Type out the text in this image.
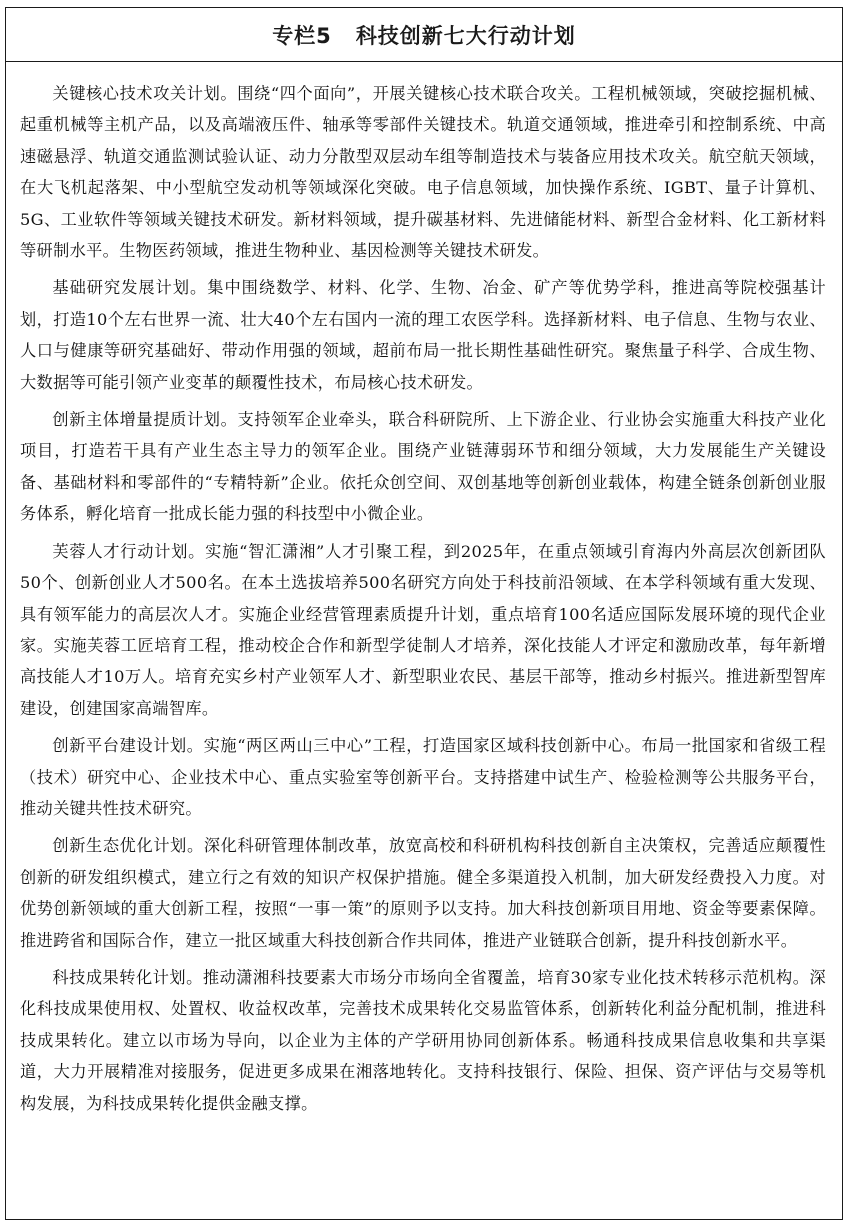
专栏5 科技创新七大行动计划

关键核心技术攻关计划。围绕“四个面向”，开展关键核心技术联合攻关。工程机械领域，突破挖掘机械、起重机械等主机产品，以及高端液压件、轴承等零部件关键技术。轨道交通领域，推进牵引和控制系统、中高速磁悬浮、轨道交通监测试验认证、动力分散型双层动车组等制造技术与装备应用技术攻关。航空航天领域，在大飞机起落架、中小型航空发动机等领域深化突破。电子信息领域，加快操作系统、IGBT、量子计算机、5G、工业软件等领域关键技术研发。新材料领域，提升碳基材料、先进储能材料、新型合金材料、化工新材料等研制水平。生物医药领域，推进生物种业、基因检测等关键技术研发。

基础研究发展计划。集中围绕数学、材料、化学、生物、冶金、矿产等优势学科，推进高等院校强基计划，打造10个左右世界一流、壮大40个左右国内一流的理工农医学科。选择新材料、电子信息、生物与农业、人口与健康等研究基础好、带动作用强的领域，超前布局一批长期性基础性研究。聚焦量子科学、合成生物、大数据等可能引领产业变革的颠覆性技术，布局核心技术研发。

创新主体增量提质计划。支持领军企业牵头，联合科研院所、上下游企业、行业协会实施重大科技产业化项目，打造若干具有产业生态主导力的领军企业。围绕产业链薄弱环节和细分领域，大力发展能生产关键设备、基础材料和零部件的“专精特新”企业。依托众创空间、双创基地等创新创业载体，构建全链条创新创业服务体系，孵化培育一批成长能力强的科技型中小微企业。

芙蓉人才行动计划。实施“智汇潇湘”人才引聚工程，到2025年，在重点领域引育海内外高层次创新团队50个、创新创业人才500名。在本土选拔培养500名研究方向处于科技前沿领域、在本学科领域有重大发现、具有领军能力的高层次人才。实施企业经营管理素质提升计划，重点培育100名适应国际发展环境的现代企业家。实施芙蓉工匠培育工程，推动校企合作和新型学徒制人才培养，深化技能人才评定和激励改革，每年新增高技能人才10万人。培育充实乡村产业领军人才、新型职业农民、基层干部等，推动乡村振兴。推进新型智库建设，创建国家高端智库。

创新平台建设计划。实施“两区两山三中心”工程，打造国家区域科技创新中心。布局一批国家和省级工程（技术）研究中心、企业技术中心、重点实验室等创新平台。支持搭建中试生产、检验检测等公共服务平台，推动关键共性技术研究。

创新生态优化计划。深化科研管理体制改革，放宽高校和科研机构科技创新自主决策权，完善适应颠覆性创新的研发组织模式，建立行之有效的知识产权保护措施。健全多渠道投入机制，加大研发经费投入力度。对优势创新领域的重大创新工程，按照“一事一策”的原则予以支持。加大科技创新项目用地、资金等要素保障。推进跨省和国际合作，建立一批区域重大科技创新合作共同体，推进产业链联合创新，提升科技创新水平。

科技成果转化计划。推动潇湘科技要素大市场分市场向全省覆盖，培育30家专业化技术转移示范机构。深化科技成果使用权、处置权、收益权改革，完善技术成果转化交易监管体系，创新转化利益分配机制，推进科技成果转化。建立以市场为导向，以企业为主体的产学研用协同创新体系。畅通科技成果信息收集和共享渠道，大力开展精准对接服务，促进更多成果在湘落地转化。支持科技银行、保险、担保、资产评估与交易等机构发展，为科技成果转化提供金融支撑。
